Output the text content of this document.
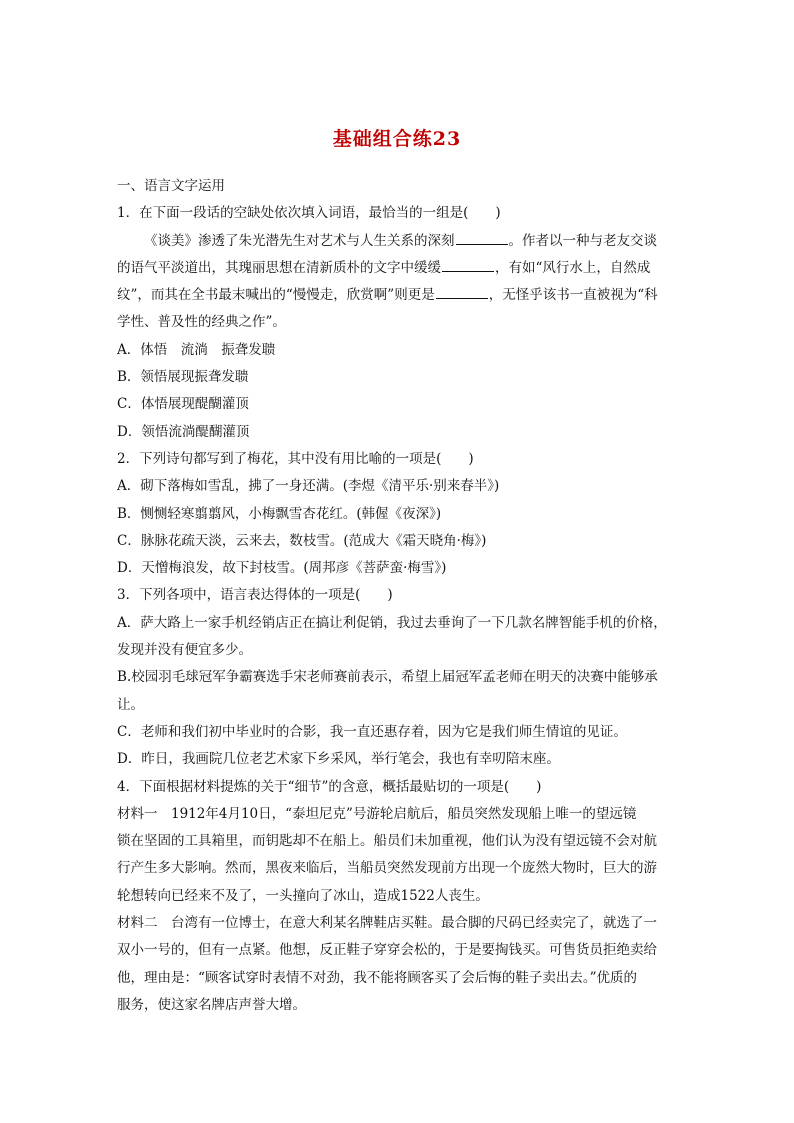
基础组合练23
一、语言文字运用
1．在下面一段话的空缺处依次填入词语，最恰当的一组是(　　)
《谈美》渗透了朱光潜先生对艺术与人生关系的深刻	。作者以一种与老友交谈
的语气平淡道出，其瑰丽思想在清新质朴的文字中缓缓	，有如“风行水上，自然成
纹”，而其在全书最末喊出的“慢慢走，欣赏啊”则更是	，无怪乎该书一直被视为“科
学性、普及性的经典之作”。
A．体悟　流淌　振聋发聩
B．领悟展现振聋发聩
C．体悟展现醍醐灌顶
D．领悟流淌醍醐灌顶
2．下列诗句都写到了梅花，其中没有用比喻的一项是(　　)
A．砌下落梅如雪乱，拂了一身还满。(李煜《清平乐·别来春半》)
B．恻恻轻寒翦翦风，小梅飘雪杏花红。(韩偓《夜深》)
C．脉脉花疏天淡，云来去，数枝雪。(范成大《霜天晓角·梅》)
D．天憎梅浪发，故下封枝雪。(周邦彦《菩萨蛮·梅雪》)
3．下列各项中，语言表达得体的一项是(　　)
A．萨大路上一家手机经销店正在搞让利促销，我过去垂询了一下几款名牌智能手机的价格，
发现并没有便宜多少。
B.校园羽毛球冠军争霸赛选手宋老师赛前表示，希望上届冠军孟老师在明天的决赛中能够承
让。
C．老师和我们初中毕业时的合影，我一直还惠存着，因为它是我们师生情谊的见证。
D．昨日，我画院几位老艺术家下乡采风，举行笔会，我也有幸叨陪末座。
4．下面根据材料提炼的关于“细节”的含意，概括最贴切的一项是(　　)
材料一　1912年4月10日，“泰坦尼克”号游轮启航后，船员突然发现船上唯一的望远镜
锁在坚固的工具箱里，而钥匙却不在船上。船员们未加重视，他们认为没有望远镜不会对航
行产生多大影响。然而，黑夜来临后，当船员突然发现前方出现一个庞然大物时，巨大的游
轮想转向已经来不及了，一头撞向了冰山，造成1522人丧生。
材料二　台湾有一位博士，在意大利某名牌鞋店买鞋。最合脚的尺码已经卖完了，就选了一
双小一号的，但有一点紧。他想，反正鞋子穿穿会松的，于是要掏钱买。可售货员拒绝卖给
他，理由是：“顾客试穿时表情不对劲，我不能将顾客买了会后悔的鞋子卖出去。”优质的
服务，使这家名牌店声誉大增。
